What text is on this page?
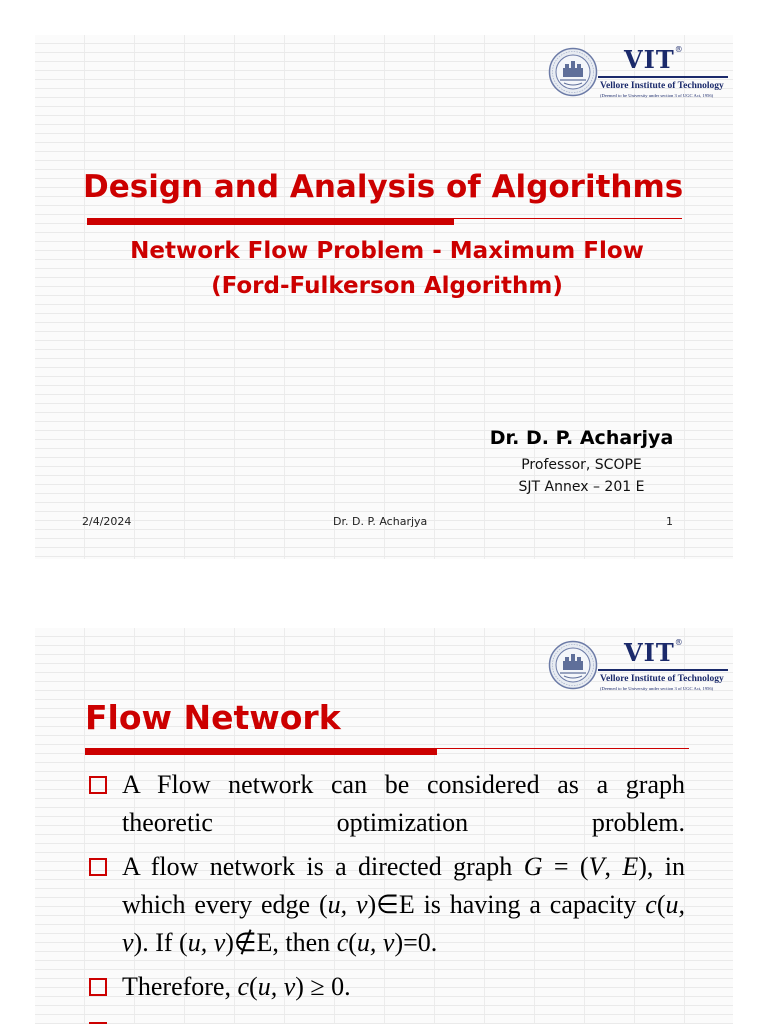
VIT®
Vellore Institute of Technology
(Deemed to be University under section 3 of UGC Act, 1956)
Design and Analysis of Algorithms
Network Flow Problem - Maximum Flow
(Ford-Fulkerson Algorithm)
Dr. D. P. Acharjya
Professor, SCOPE
SJT Annex – 201 E
2/4/2024	Dr. D. P. Acharjya	1
VIT®
Vellore Institute of Technology
(Deemed to be University under section 3 of UGC Act, 1956)
Flow Network
A Flow network can be considered as a graph theoretic optimization problem.
A flow network is a directed graph G = (V, E), in which every edge (u, v)∈E is having a capacity c(u, v). If (u, v)∉E, then c(u, v)=0.
Therefore, c(u, v) ≥ 0.
